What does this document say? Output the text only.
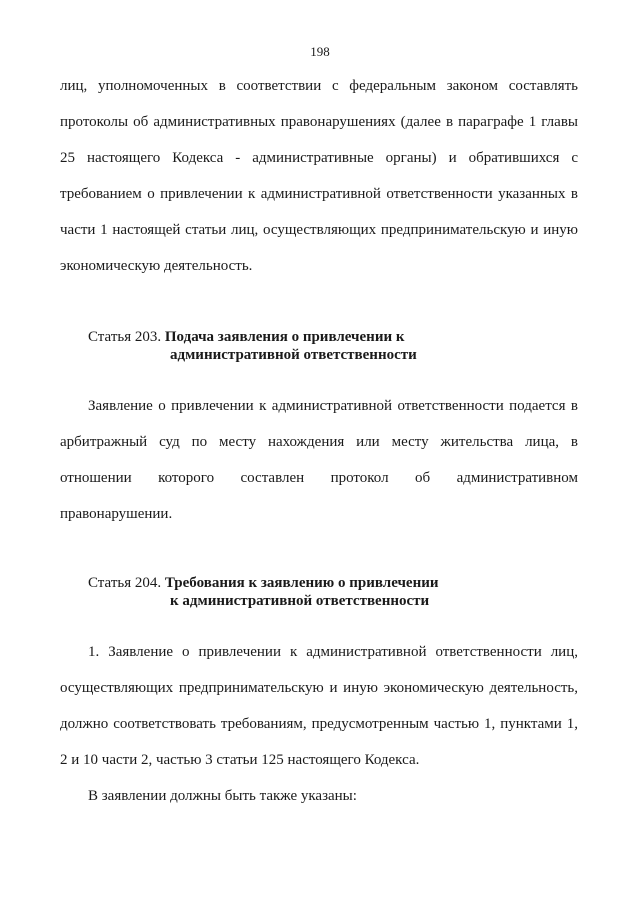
198
лиц, уполномоченных в соответствии с федеральным законом составлять
протоколы об административных правонарушениях (далее в параграфе 1 главы
25 настоящего Кодекса - административные органы) и обратившихся с
требованием о привлечении к административной ответственности указанных в
части 1 настоящей статьи лиц, осуществляющих предпринимательскую и иную
экономическую деятельность.
Статья 203. Подача заявления о привлечении к
административной ответственности
Заявление о привлечении к административной ответственности подается в
арбитражный суд по месту нахождения или месту жительства лица, в
отношении которого составлен протокол об административном
правонарушении.
Статья 204. Требования к заявлению о привлечении
к административной ответственности
1. Заявление о привлечении к административной ответственности лиц,
осуществляющих предпринимательскую и иную экономическую деятельность,
должно соответствовать требованиям, предусмотренным частью 1, пунктами 1,
2 и 10 части 2, частью 3 статьи 125 настоящего Кодекса.
В заявлении должны быть также указаны:
